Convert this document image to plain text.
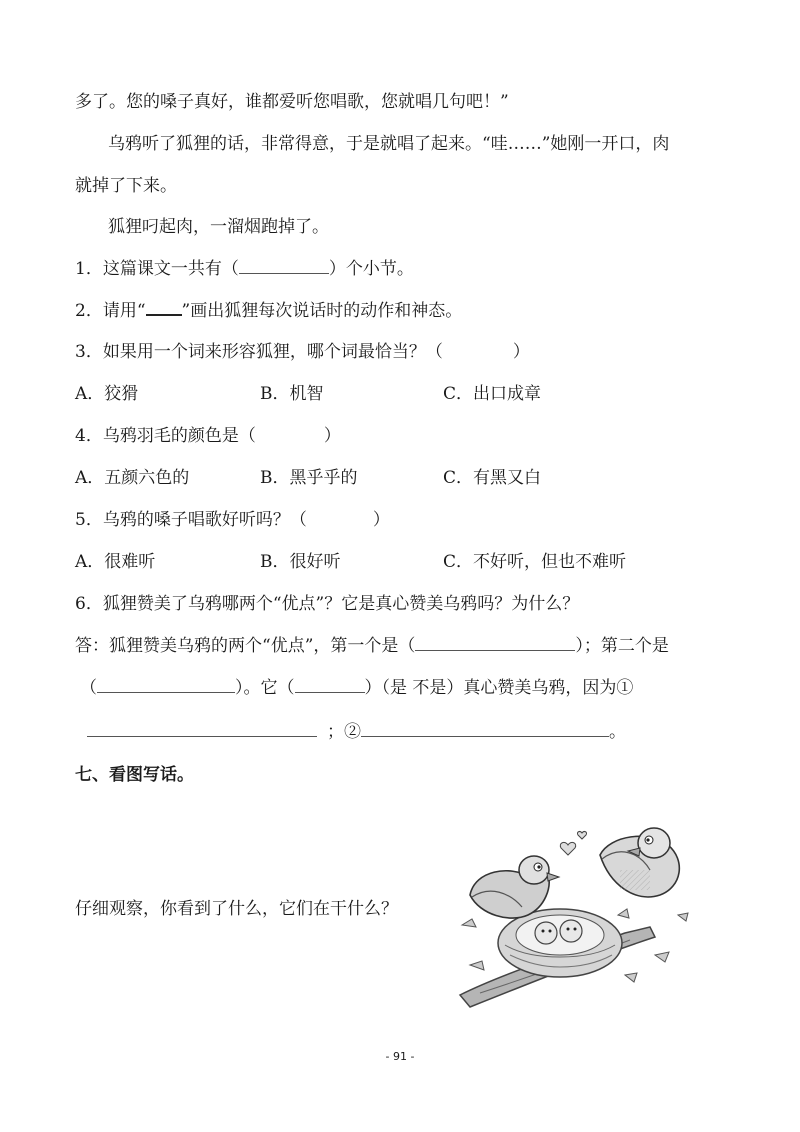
多了。您的嗓子真好，谁都爱听您唱歌，您就唱几句吧！”
乌鸦听了狐狸的话，非常得意，于是就唱了起来。“哇……”她刚一开口，肉
就掉了下来。
狐狸叼起肉，一溜烟跑掉了。
1．这篇课文一共有（	）个小节。
2．请用“ ”画出狐狸每次说话时的动作和神态。
3．如果用一个词来形容狐狸，哪个词最恰当？（	）
A．狡猾	B．机智	C．出口成章
4．乌鸦羽毛的颜色是（	）
A．五颜六色的	B．黑乎乎的	C．有黑又白
5．乌鸦的嗓子唱歌好听吗？（	）
A．很难听	B．很好听	C．不好听，但也不难听
6．狐狸赞美了乌鸦哪两个“优点”？它是真心赞美乌鸦吗？为什么？
答：狐狸赞美乌鸦的两个“优点”，第一个是（	）；第二个是
（	）。它（	）（是 不是）真心赞美乌鸦，因为①
；②	。
七、看图写话。
仔细观察，你看到了什么，它们在干什么？
- 91 -
